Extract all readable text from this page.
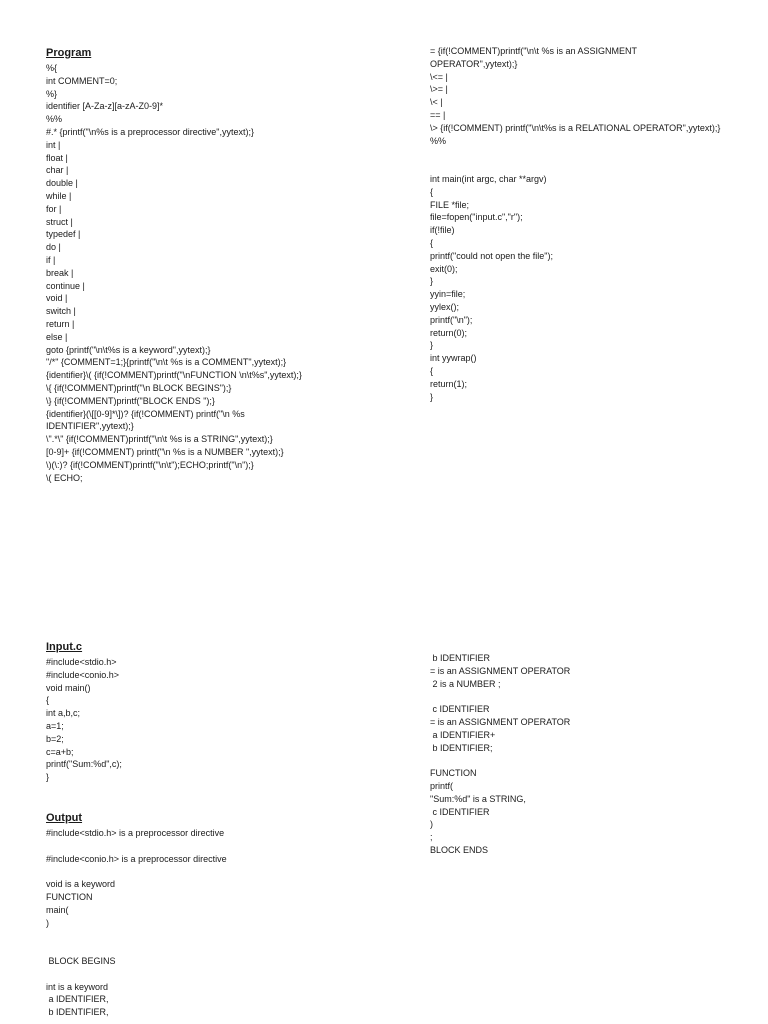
Program
%{
int COMMENT=0;
%}
identifier [A-Za-z][a-zA-Z0-9]*
%%
#.* {printf("\n%s is a preprocessor directive",yytext);}
int |
float |
char |
double |
while |
for |
struct |
typedef |
do |
if |
break |
continue |
void |
switch |
return |
else |
goto {printf("\n\t%s is a keyword",yytext);}
"/*" {COMMENT=1;}{printf("\n\t %s is a COMMENT",yytext);}
{identifier}\( {if(!COMMENT)printf("\nFUNCTION \n\t%s",yytext);}
\{ {if(!COMMENT)printf("\n BLOCK BEGINS");}
\} {if(!COMMENT)printf("BLOCK ENDS ");}
{identifier}(\[[0-9]*\])? {if(!COMMENT) printf("\n %s
IDENTIFIER",yytext);}
\".*\" {if(!COMMENT)printf("\n\t %s is a STRING",yytext);}
[0-9]+ {if(!COMMENT) printf("\n %s is a NUMBER ",yytext);}
\)(\:)? {if(!COMMENT)printf("\n\t");ECHO;printf("\n");}
\( ECHO;
= {if(!COMMENT)printf("\n\t %s is an ASSIGNMENT
OPERATOR",yytext);}
\<= |
\>= |
\< |
== |
\> {if(!COMMENT) printf("\n\t%s is a RELATIONAL OPERATOR",yytext);}
%%
int main(int argc, char **argv)
{
FILE *file;
file=fopen("input.c","r");
if(!file)
{
printf("could not open the file");
exit(0);
}
yyin=file;
yylex();
printf("\n");
return(0);
}
int yywrap()
{
return(1);
}
Input.c
#include<stdio.h>
#include<conio.h>
void main()
{
int a,b,c;
a=1;
b=2;
c=a+b;
printf("Sum:%d",c);
}
Output
#include<stdio.h> is a preprocessor directive
#include<conio.h> is a preprocessor directive
void is a keyword
FUNCTION
main(
)
BLOCK BEGINS
int is a keyword
a IDENTIFIER,
b IDENTIFIER,
b IDENTIFIER
= is an ASSIGNMENT OPERATOR
2 is a NUMBER ;
c IDENTIFIER
= is an ASSIGNMENT OPERATOR
a IDENTIFIER+
b IDENTIFIER;
FUNCTION
printf(
"Sum:%d" is a STRING,
c IDENTIFIER
)
;
BLOCK ENDS
